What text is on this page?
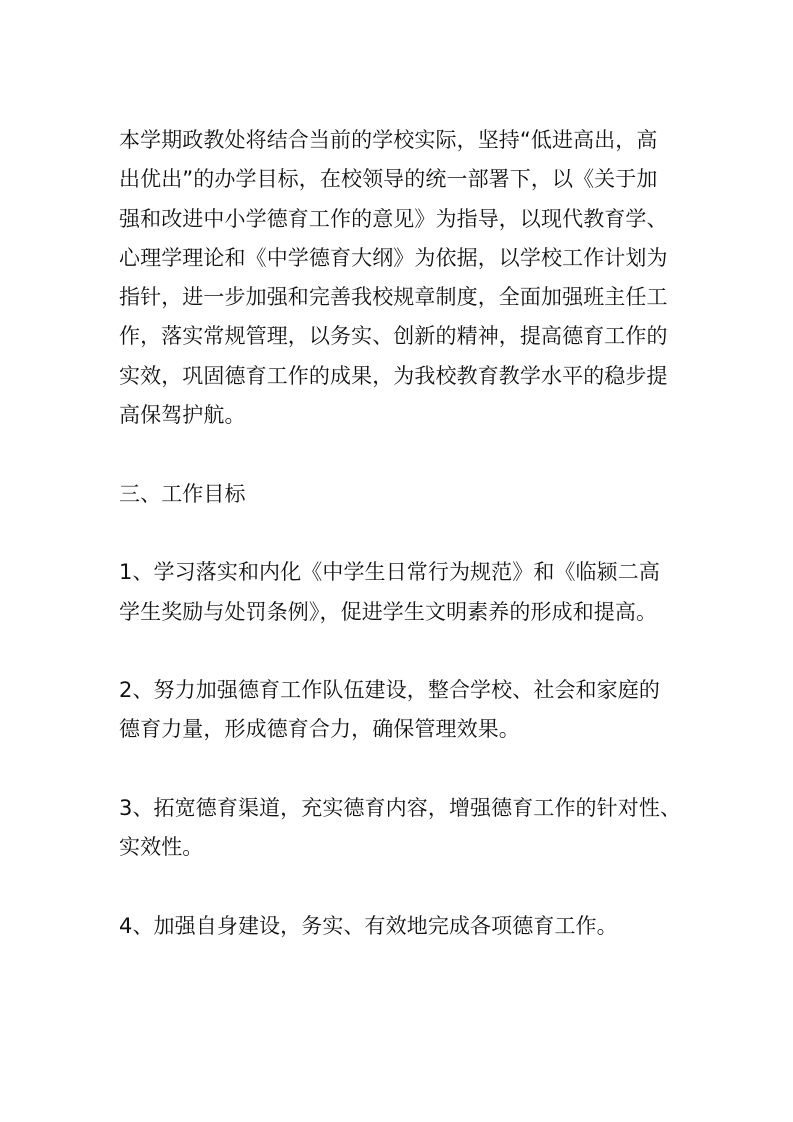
本学期政教处将结合当前的学校实际，坚持“低进高出，高
出优出”的办学目标，在校领导的统一部署下，以《关于加
强和改进中小学德育工作的意见》为指导，以现代教育学、
心理学理论和《中学德育大纲》为依据，以学校工作计划为
指针，进一步加强和完善我校规章制度，全面加强班主任工
作，落实常规管理，以务实、创新的精神，提高德育工作的
实效，巩固德育工作的成果，为我校教育教学水平的稳步提
高保驾护航。

三、工作目标

1、学习落实和内化《中学生日常行为规范》和《临颍二高
学生奖励与处罚条例》，促进学生文明素养的形成和提高。

2、努力加强德育工作队伍建设，整合学校、社会和家庭的
德育力量，形成德育合力，确保管理效果。

3、拓宽德育渠道，充实德育内容，增强德育工作的针对性、
实效性。

4、加强自身建设，务实、有效地完成各项德育工作。
